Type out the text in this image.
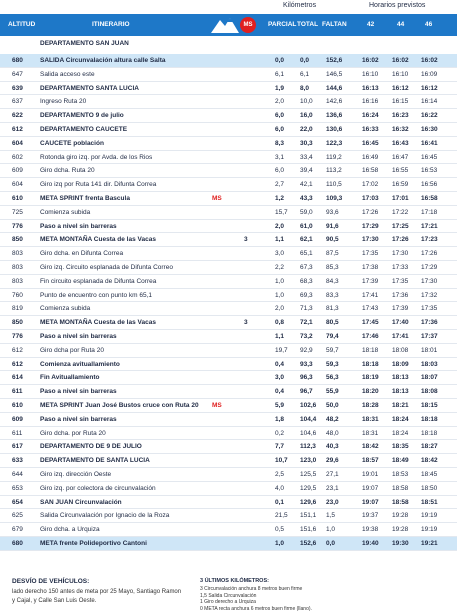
Kilómetros	Horarios previstos
ALTITUD	ITINERARIO	MS	PARCIAL TOTAL FALTAN	42	44	46
DEPARTAMENTO SAN JUAN
680	SALIDA Circunvalación altura calle Salta	0,0 0,0	152,6	16:02 16:02 16:02
647	Salida acceso este	6,1 6,1	146,5	16:10 16:10 16:09
639	DEPARTAMENTO SANTA LUCIA	1,9 8,0	144,6	16:13 16:12 16:12
637	Ingreso Ruta 20	2,0 10,0 142,6	16:16 16:15 16:14
622	DEPARTAMENTO 9 de julio	6,0 16,0 136,6	16:24 16:23 16:22
612	DEPARTAMENTO CAUCETE	6,0 22,0 130,6	16:33 16:32 16:30
604	CAUCETE población	8,3 30,3 122,3	16:45 16:43 16:41
602	Rotonda giro izq. por Avda. de los Rios	3,1 33,4 119,2	16:49 16:47 16:45
609	Giro dcha. Ruta 20	6,0 39,4 113,2	16:58 16:55 16:53
604	Giro izq por Ruta 141 dir. Difunta Correa	2,7 42,1 110,5	17:02 16:59 16:56
610	META SPRINT frenta Bascula	MS	1,2 43,3 109,3	17:03 17:01 16:58
725	Comienza subida	15,7 59,0 93,6	17:26 17:22 17:18
776	Paso a nivel sin barreras	2,0 61,0 91,6	17:29 17:25 17:21
850	META MONTAÑA Cuesta de las Vacas	3	1,1 62,1 90,5	17:30 17:26 17:23
803	Giro dcha. en Difunta Correa	3,0 65,1 87,5	17:35 17:30 17:26
803	Giro izq. Circuito esplanada de Difunta Correo	2,2 67,3 85,3	17:38 17:33 17:29
803	Fin circuito esplanada de Difunta Correa	1,0 68,3 84,3	17:39 17:35 17:30
760	Punto de encuentro con punto km 65,1	1,0 69,3 83,3	17:41 17:36 17:32
819	Comienza subida	2,0 71,3 81,3	17:43 17:39 17:35
850	META MONTAÑA Cuesta de las Vacas	3	0,8 72,1 80,5	17:45 17:40 17:36
776	Paso a nivel sin barreras	1,1 73,2 79,4	17:46 17:41 17:37
612	Giro dcha por Ruta 20	19,7 92,9 59,7	18:18 18:08 18:01
612	Comienza avituallamiento	0,4 93,3 59,3	18:18 18:09 18:03
614	Fin Avituallamiento	3,0 96,3 56,3	18:19 18:13 18:07
611	Paso a nivel sin barreras	0,4 96,7 55,9	18:20 18:13 18:08
610	META SPRINT Juan José Bustos cruce con Ruta 20 MS	5,9 102,6 50,0	18:28 18:21 18:15
609	Paso a nivel sin barreras	1,8 104,4 48,2	18:31 18:24 18:18
611	Giro dcha. por Ruta 20	0,2 104,6 48,0	18:31 18:24 18:18
617	DEPARTAMENTO DE 9 DE JULIO	7,7 112,3 40,3	18:42 18:35 18:27
633	DEPARTAMENTO DE SANTA LUCIA	10,7 123,0 29,6	18:57 18:49 18:42
644	Giro izq. dirección Oeste	2,5 125,5 27,1	19:01 18:53 18:45
653	Giro izq. por colectora de circunvalación	4,0 129,5 23,1	19:07 18:58 18:50
654	SAN JUAN Circunvalación	0,1 129,6 23,0	19:07 18:58 18:51
625	Salida Circunvalación por Ignacio de la Roza	21,5 151,1 1,5	19:37 19:28 19:19
679	Giro dcha. a Urquiza	0,5 151,6 1,0	19:38 19:28 19:19
680	META frente Polideportivo Cantoni	1,0 152,6 0,0	19:40 19:30 19:21
DESVÍO DE VEHÍCULOS:
lado derecho 150 antes de meta por 25 Mayo, Santiago Ramon y Cajal, y Calle San Luis Oeste.
3 ÚLTIMOS KILÓMETROS:
3 Circunvalación anchura 8 metros buen firme
1,5 Salida Circunvalación
1 Giro derecho a Urquiza
0 META recta anchura 6 metros buen firme (llano).
